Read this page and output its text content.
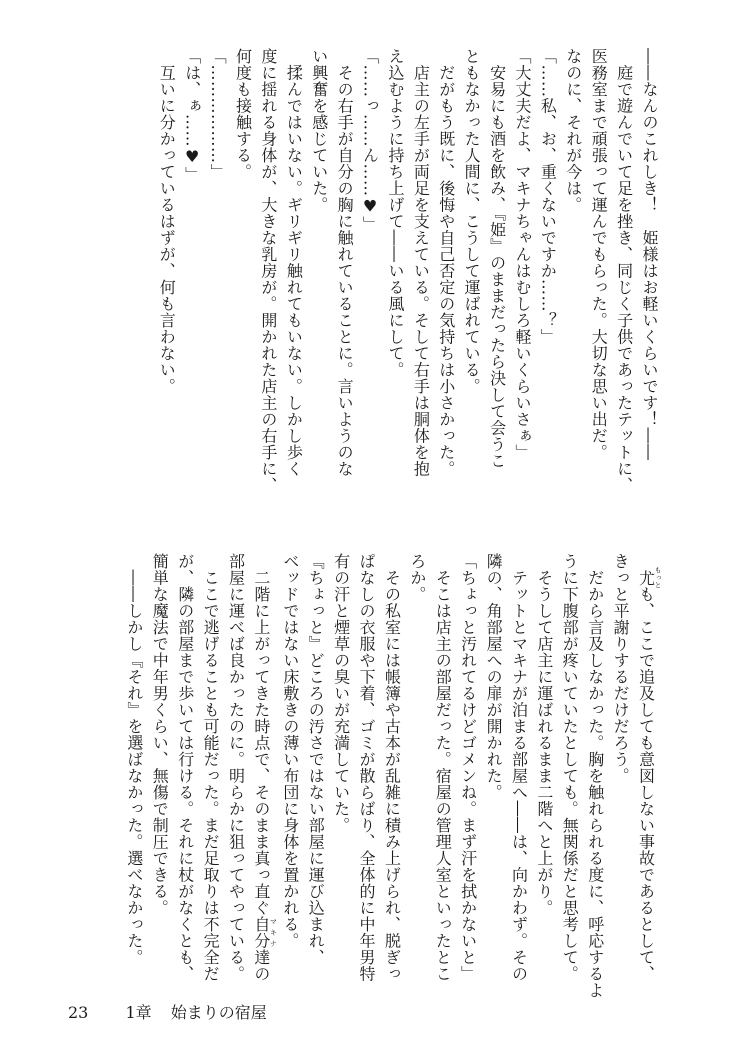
――なんのこれしき！　姫様はお軽いくらいです！――

　庭で遊んでいて足を挫き、同じく子供であったテットに、

医務室まで頑張って運んでもらった。大切な思い出だ。

なのに、それが今は。

「……私、お、重くないですか……？」

「大丈夫だよ、マキナちゃんはむしろ軽いくらいさぁ」

　安易にも酒を飲み、『姫』のままだったら決して会うこ

ともなかった人間に、こうして運ばれている。

　だがもう既に、後悔や自己否定の気持ちは小さかった。

　店主の左手が両足を支えている。そして右手は胴体を抱

え込むように持ち上げて――いる風にして。

「……っ……ん……♥」

　その右手が自分の胸に触れていることに。言いようのな

い興奮を感じていた。

　揉んではいない。ギリギリ触れてもいない。しかし歩く

度に揺れる身体が、大きな乳房が。開かれた店主の右手に、

何度も接触する。

「………………」

「は、ぁ……♥」

　互いに分かっているはずが、何も言わない。

　尤もっとも、ここで追及しても意図しない事故であるとして、

きっと平謝りするだけだろう。

　だから言及しなかった。胸を触れられる度に、呼応するよ

うに下腹部が疼いていたとしても。無関係だと思考して。

　そうして店主に運ばれるまま二階へと上がり。

　テットとマキナが泊まる部屋へ――は、向かわず。その

隣の、角部屋への扉が開かれた。

「ちょっと汚れてるけどゴメンね。まず汗を拭かないと」

　そこは店主の部屋だった。宿屋の管理人室といったとこ

ろか。

　その私室には帳簿や古本が乱雑に積み上げられ、脱ぎっ

ぱなしの衣服や下着、ゴミが散らばり、全体的に中年男特

有の汗と煙草の臭いが充満していた。

『ちょっと』どころの汚さではない部屋に運び込まれ、

ベッドではない床敷きの薄い布団に身体を置かれる。

　二階に上がってきた時点で、そのまま真っ直ぐ自分マキナ達の

部屋に運べば良かったのに。明らかに狙ってやっている。

　ここで逃げることも可能だった。まだ足取りは不完全だ

が、隣の部屋まで歩いては行ける。それに杖がなくとも、

簡単な魔法で中年男くらい、無傷で制圧できる。

　――しかし『それ』を選ばなかった。選べなかった。

23 1章 始まりの宿屋
